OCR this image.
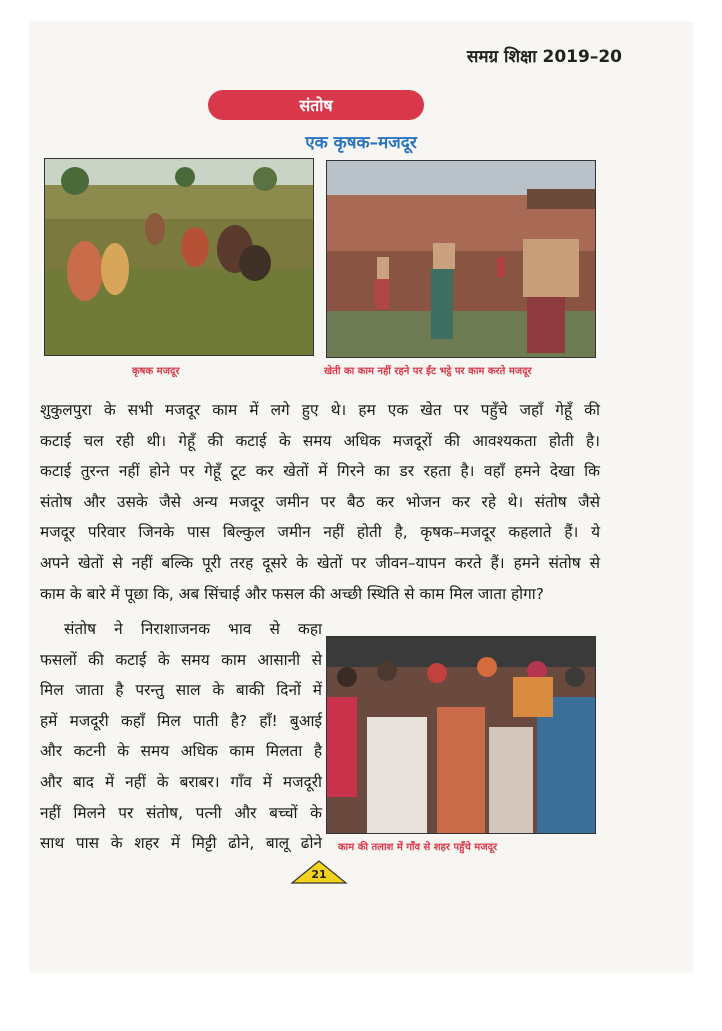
समग्र शिक्षा 2019–20
संतोष
एक कृषक–मजदूर
कृषक मजदूर	खेती का काम नहीं रहने पर ईंट भट्ठे पर काम करते मजदूर

शुकुलपुरा के सभी मजदूर काम में लगे हुए थे। हम एक खेत पर पहुँचे जहाँ गेहूँ की
कटाई चल रही थी। गेहूँ की कटाई के समय अधिक मजदूरों की आवश्यकता होती है।
कटाई तुरन्त नहीं होने पर गेहूँ टूट कर खेतों में गिरने का डर रहता है। वहाँ हमने देखा कि
संतोष और उसके जैसे अन्य मजदूर जमीन पर बैठ कर भोजन कर रहे थे। संतोष जैसे
मजदूर परिवार जिनके पास बिल्कुल जमीन नहीं होती है, कृषक–मजदूर कहलाते हैं। ये
अपने खेतों से नहीं बल्कि पूरी तरह दूसरे के खेतों पर जीवन–यापन करते हैं। हमने संतोष से
काम के बारे में पूछा कि, अब सिंचाई और फसल की अच्छी स्थिति से काम मिल जाता होगा?

संतोष ने निराशाजनक भाव से कहा
फसलों की कटाई के समय काम आसानी से
मिल जाता है परन्तु साल के बाकी दिनों में
हमें मजदूरी कहाँ मिल पाती है? हाँ! बुआई
और कटनी के समय अधिक काम मिलता है
और बाद में नहीं के बराबर। गाँव में मजदूरी
नहीं मिलने पर संतोष, पत्नी और बच्चों के
साथ पास के शहर में मिट्टी ढोने, बालू ढोने काम की तलाश में गाँव से शहर पहुँचे मजदूर
21
